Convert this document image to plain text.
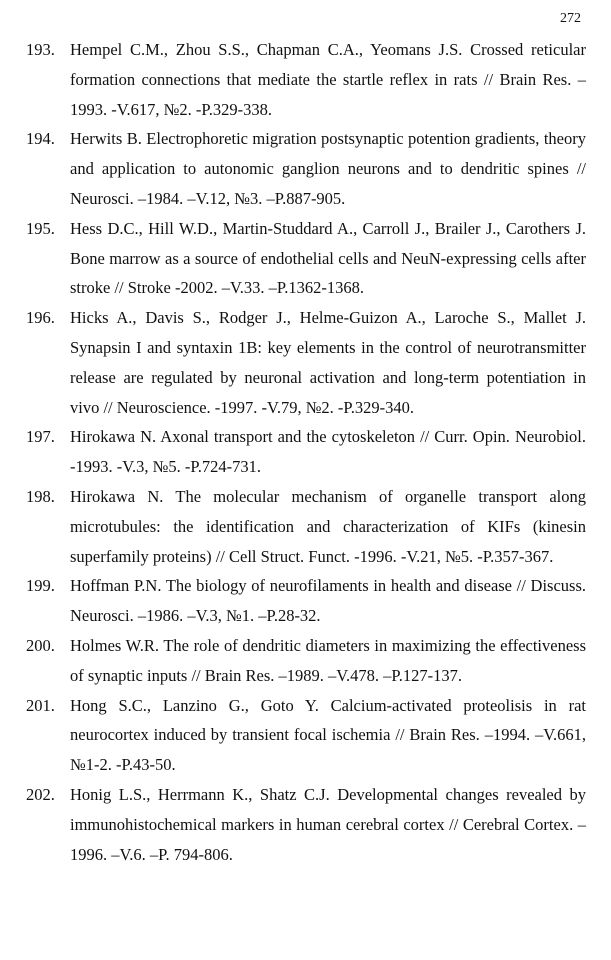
272
193. Hempel C.M., Zhou S.S., Chapman C.A., Yeomans J.S. Crossed reticular formation connections that mediate the startle reflex in rats // Brain Res. –1993. -V.617, №2. -P.329-338.
194. Herwits B. Electrophoretic migration postsynaptic potention gradients, theory and application to autonomic ganglion neurons and to dendritic spines // Neurosci. –1984. –V.12, №3. –P.887-905.
195. Hess D.C., Hill W.D., Martin-Studdard A., Carroll J., Brailer J., Carothers J. Bone marrow as a source of endothelial cells and NeuN-expressing cells after stroke // Stroke -2002. –V.33. –P.1362-1368.
196. Hicks A., Davis S., Rodger J., Helme-Guizon A., Laroche S., Mallet J. Synapsin I and syntaxin 1B: key elements in the control of neurotransmitter release are regulated by neuronal activation and long-term potentiation in vivo // Neuroscience. -1997. -V.79, №2. -P.329-340.
197. Hirokawa N. Axonal transport and the cytoskeleton // Curr. Opin. Neurobiol. -1993. -V.3, №5. -P.724-731.
198. Hirokawa N. The molecular mechanism of organelle transport along microtubules: the identification and characterization of KIFs (kinesin superfamily proteins) // Cell Struct. Funct. -1996. -V.21, №5. -P.357-367.
199. Hoffman P.N. The biology of neurofilaments in health and disease // Discuss. Neurosci. –1986. –V.3, №1. –P.28-32.
200. Holmes W.R. The role of dendritic diameters in maximizing the effectiveness of synaptic inputs // Brain Res. –1989. –V.478. –P.127-137.
201. Hong S.C., Lanzino G., Goto Y. Calcium-activated proteolisis in rat neurocortex induced by transient focal ischemia // Brain Res. –1994. –V.661, №1-2. -P.43-50.
202. Honig L.S., Herrmann K., Shatz C.J. Developmental changes revealed by immunohistochemical markers in human cerebral cortex // Cerebral Cortex. –1996. –V.6. –P. 794-806.
